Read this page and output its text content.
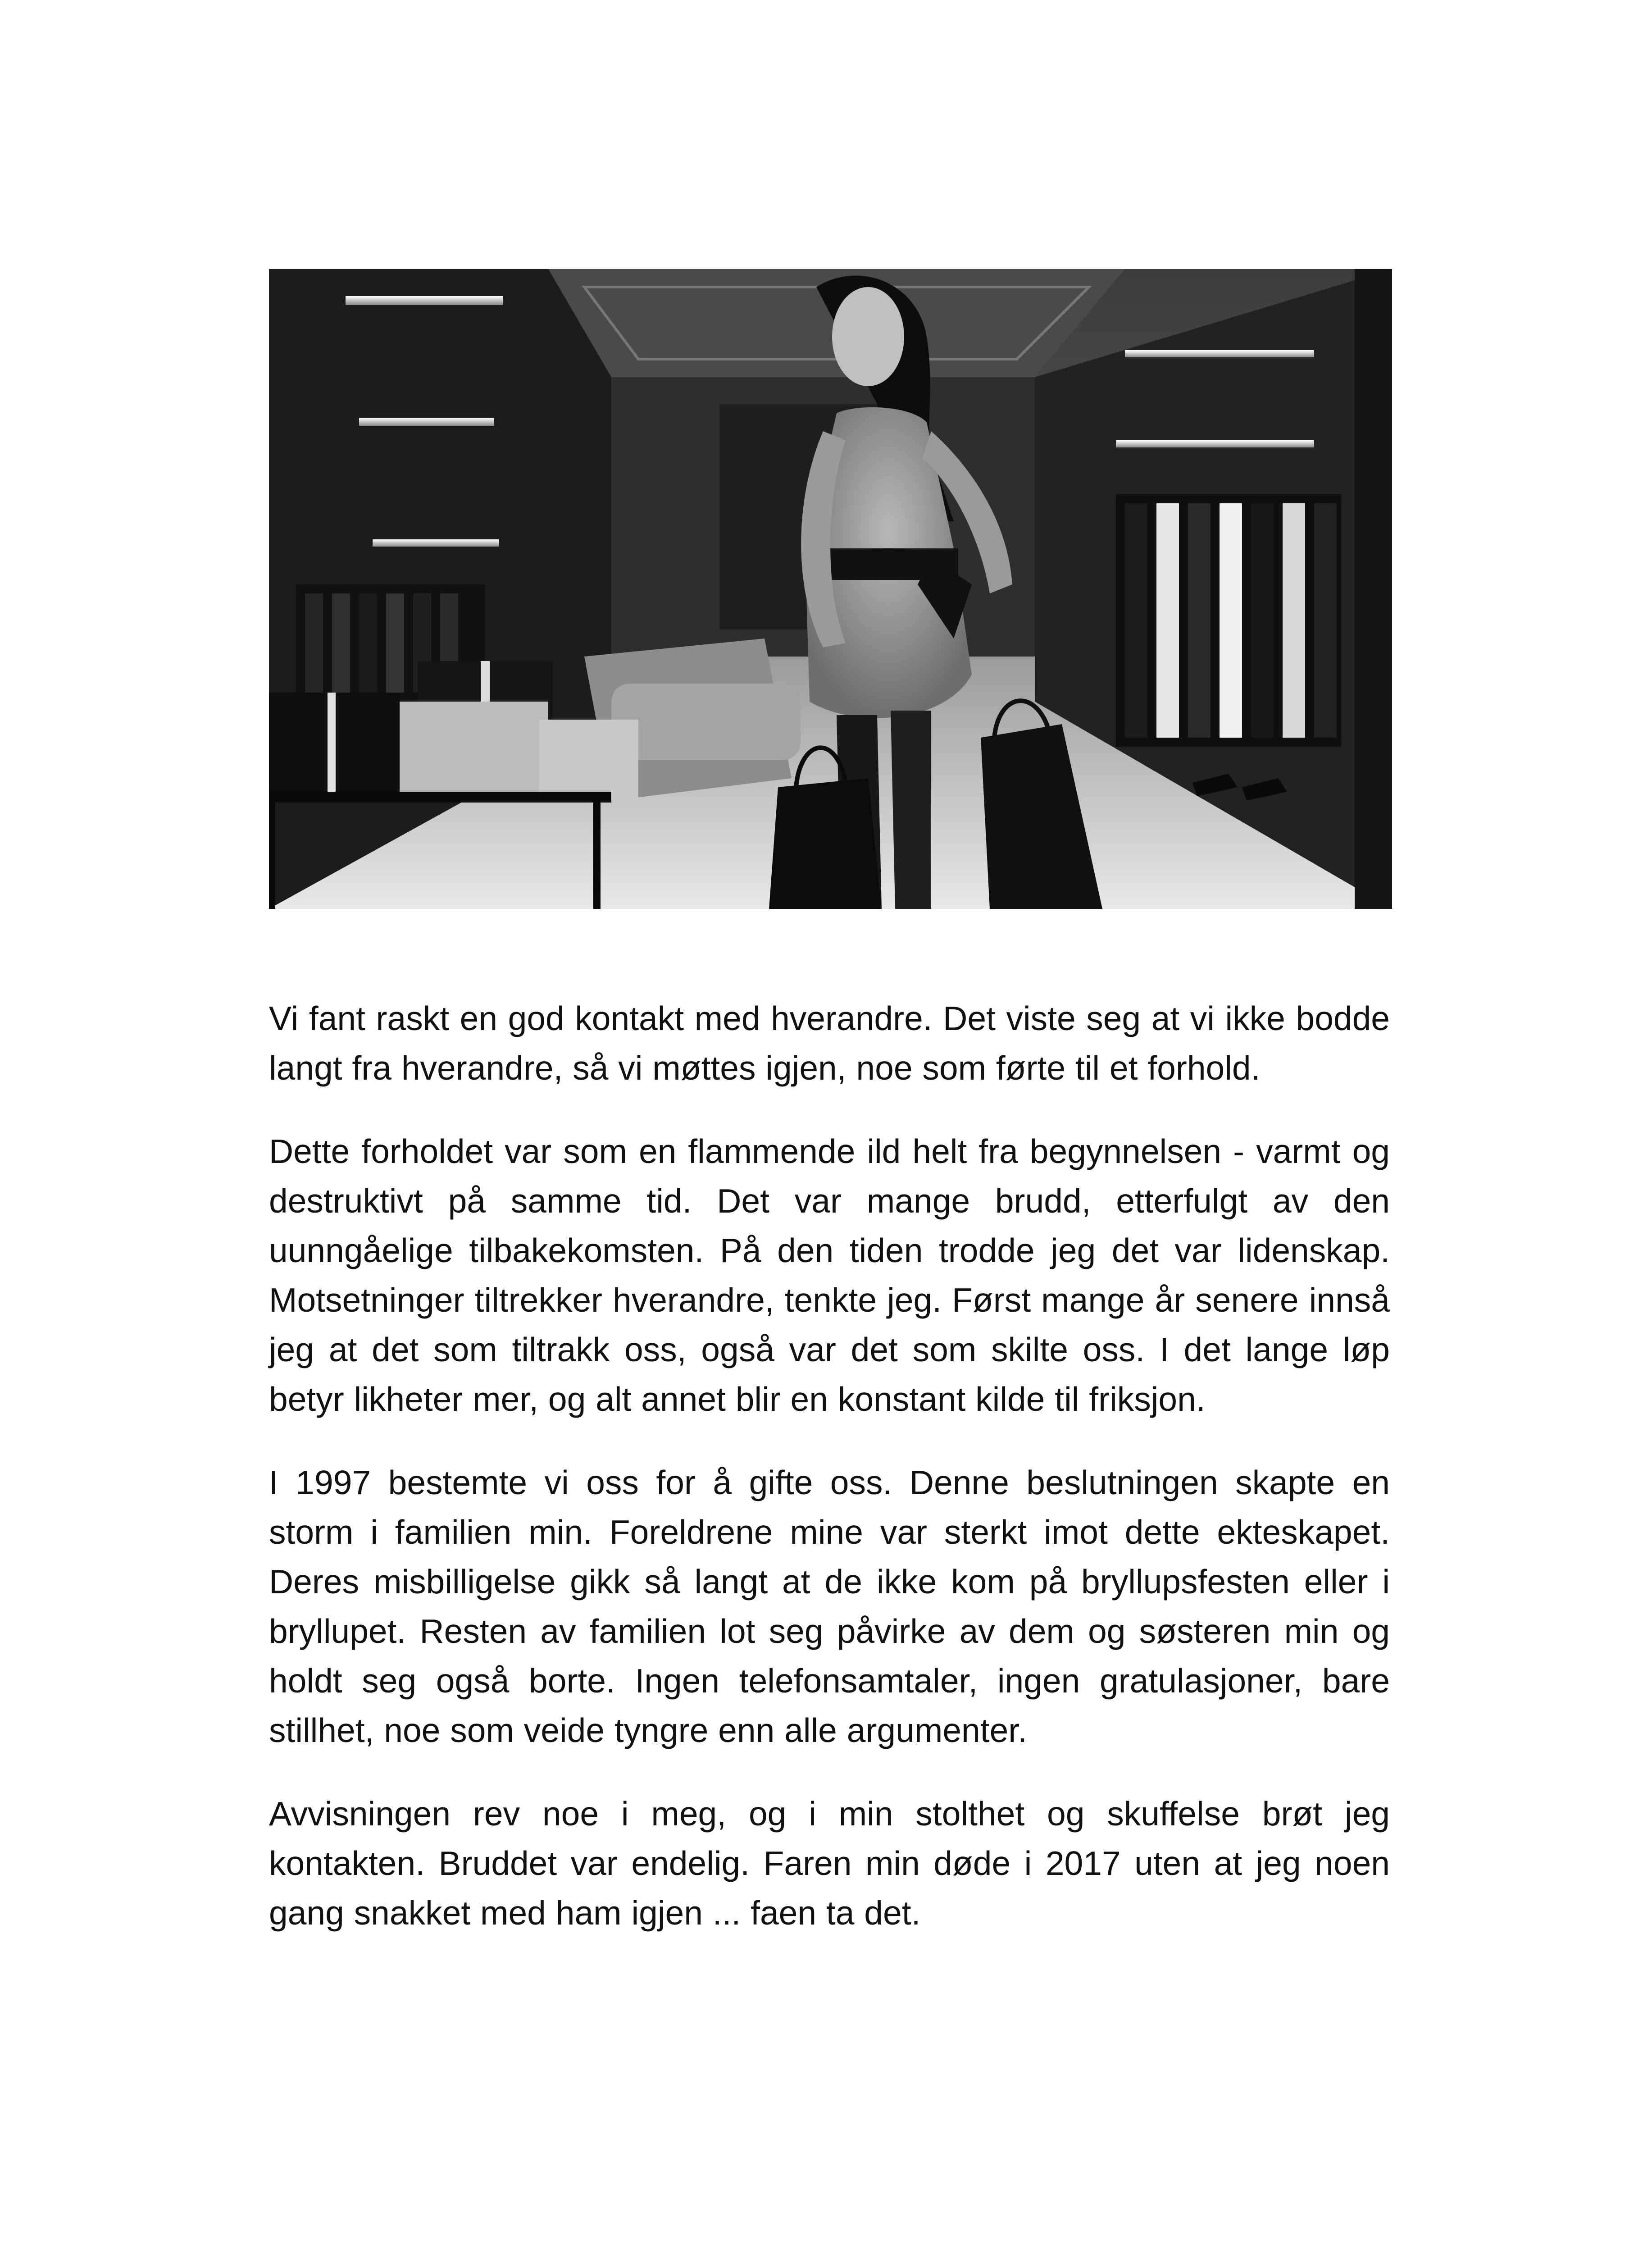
Vi fant raskt en god kontakt med hverandre. Det viste seg at vi ikke bodde langt fra hverandre, så vi møttes igjen, noe som førte til et forhold.

Dette forholdet var som en flammende ild helt fra begynnelsen - varmt og destruktivt på samme tid. Det var mange brudd, etterfulgt av den uunngåelige tilbakekomsten. På den tiden trodde jeg det var lidenskap. Motsetninger tiltrekker hverandre, tenkte jeg. Først mange år senere innså jeg at det som tiltrakk oss, også var det som skilte oss. I det lange løp betyr likheter mer, og alt annet blir en konstant kilde til friksjon.

I 1997 bestemte vi oss for å gifte oss. Denne beslutningen skapte en storm i familien min. Foreldrene mine var sterkt imot dette ekteskapet. Deres misbilligelse gikk så langt at de ikke kom på bryllupsfesten eller i bryllupet. Resten av familien lot seg påvirke av dem og søsteren min og holdt seg også borte. Ingen telefonsamtaler, ingen gratulasjoner, bare stillhet, noe som veide tyngre enn alle argumenter.

Avvisningen rev noe i meg, og i min stolthet og skuffelse brøt jeg kontakten. Bruddet var endelig. Faren min døde i 2017 uten at jeg noen gang snakket med ham igjen ... faen ta det.
